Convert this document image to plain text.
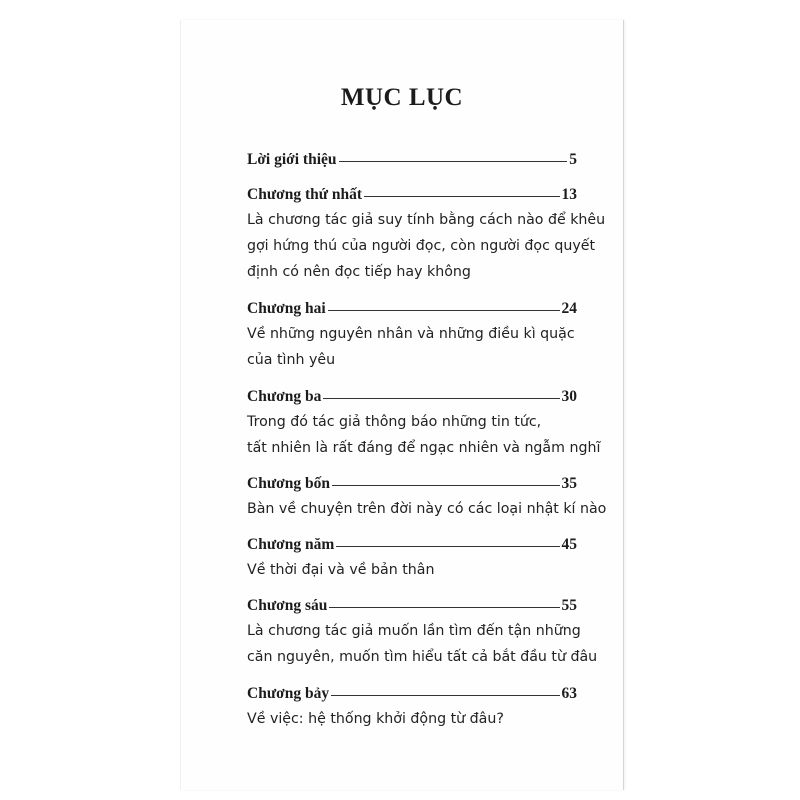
MỤC LỤC
Lời giới thiệu	5
Chương thứ nhất	13

Là chương tác giả suy tính bằng cách nào để khêu
gợi hứng thú của người đọc, còn người đọc quyết
định có nên đọc tiếp hay không

Chương hai	24

Về những nguyên nhân và những điều kì quặc
của tình yêu

Chương ba	30

Trong đó tác giả thông báo những tin tức,
tất nhiên là rất đáng để ngạc nhiên và ngẫm nghĩ

Chương bốn	35

Bàn về chuyện trên đời này có các loại nhật kí nào

Chương năm	45

Về thời đại và về bản thân

Chương sáu	55

Là chương tác giả muốn lần tìm đến tận những
căn nguyên, muốn tìm hiểu tất cả bắt đầu từ đâu

Chương bảy	63

Về việc: hệ thống khởi động từ đâu?
